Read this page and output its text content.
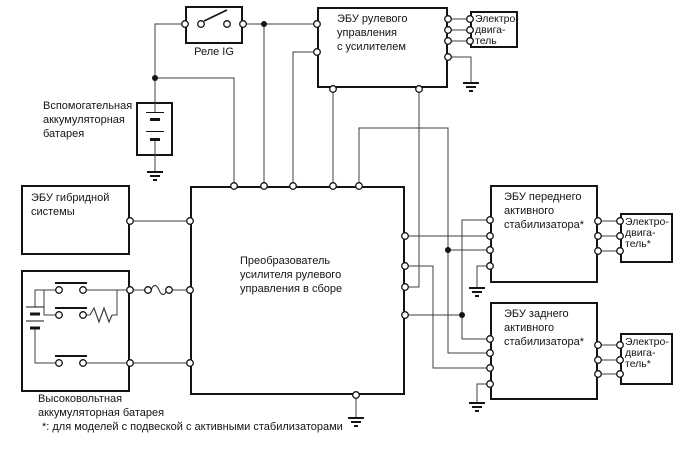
ЭБУ рулевого
управления
с усилителем
Электро-
двига-
тель
ЭБУ гибридной
системы
Преобразователь
усилителя рулевого
управления в сборе
ЭБУ переднего
активного
стабилизатора*
ЭБУ заднего
активного
стабилизатора*
Электро-
двига-
тель*
Электро-
двига-
тель*
Реле IG
Вспомогательная
аккумуляторная
батарея
Высоковольтная
аккумуляторная батарея
*: для моделей с подвеской с активными стабилизаторами
